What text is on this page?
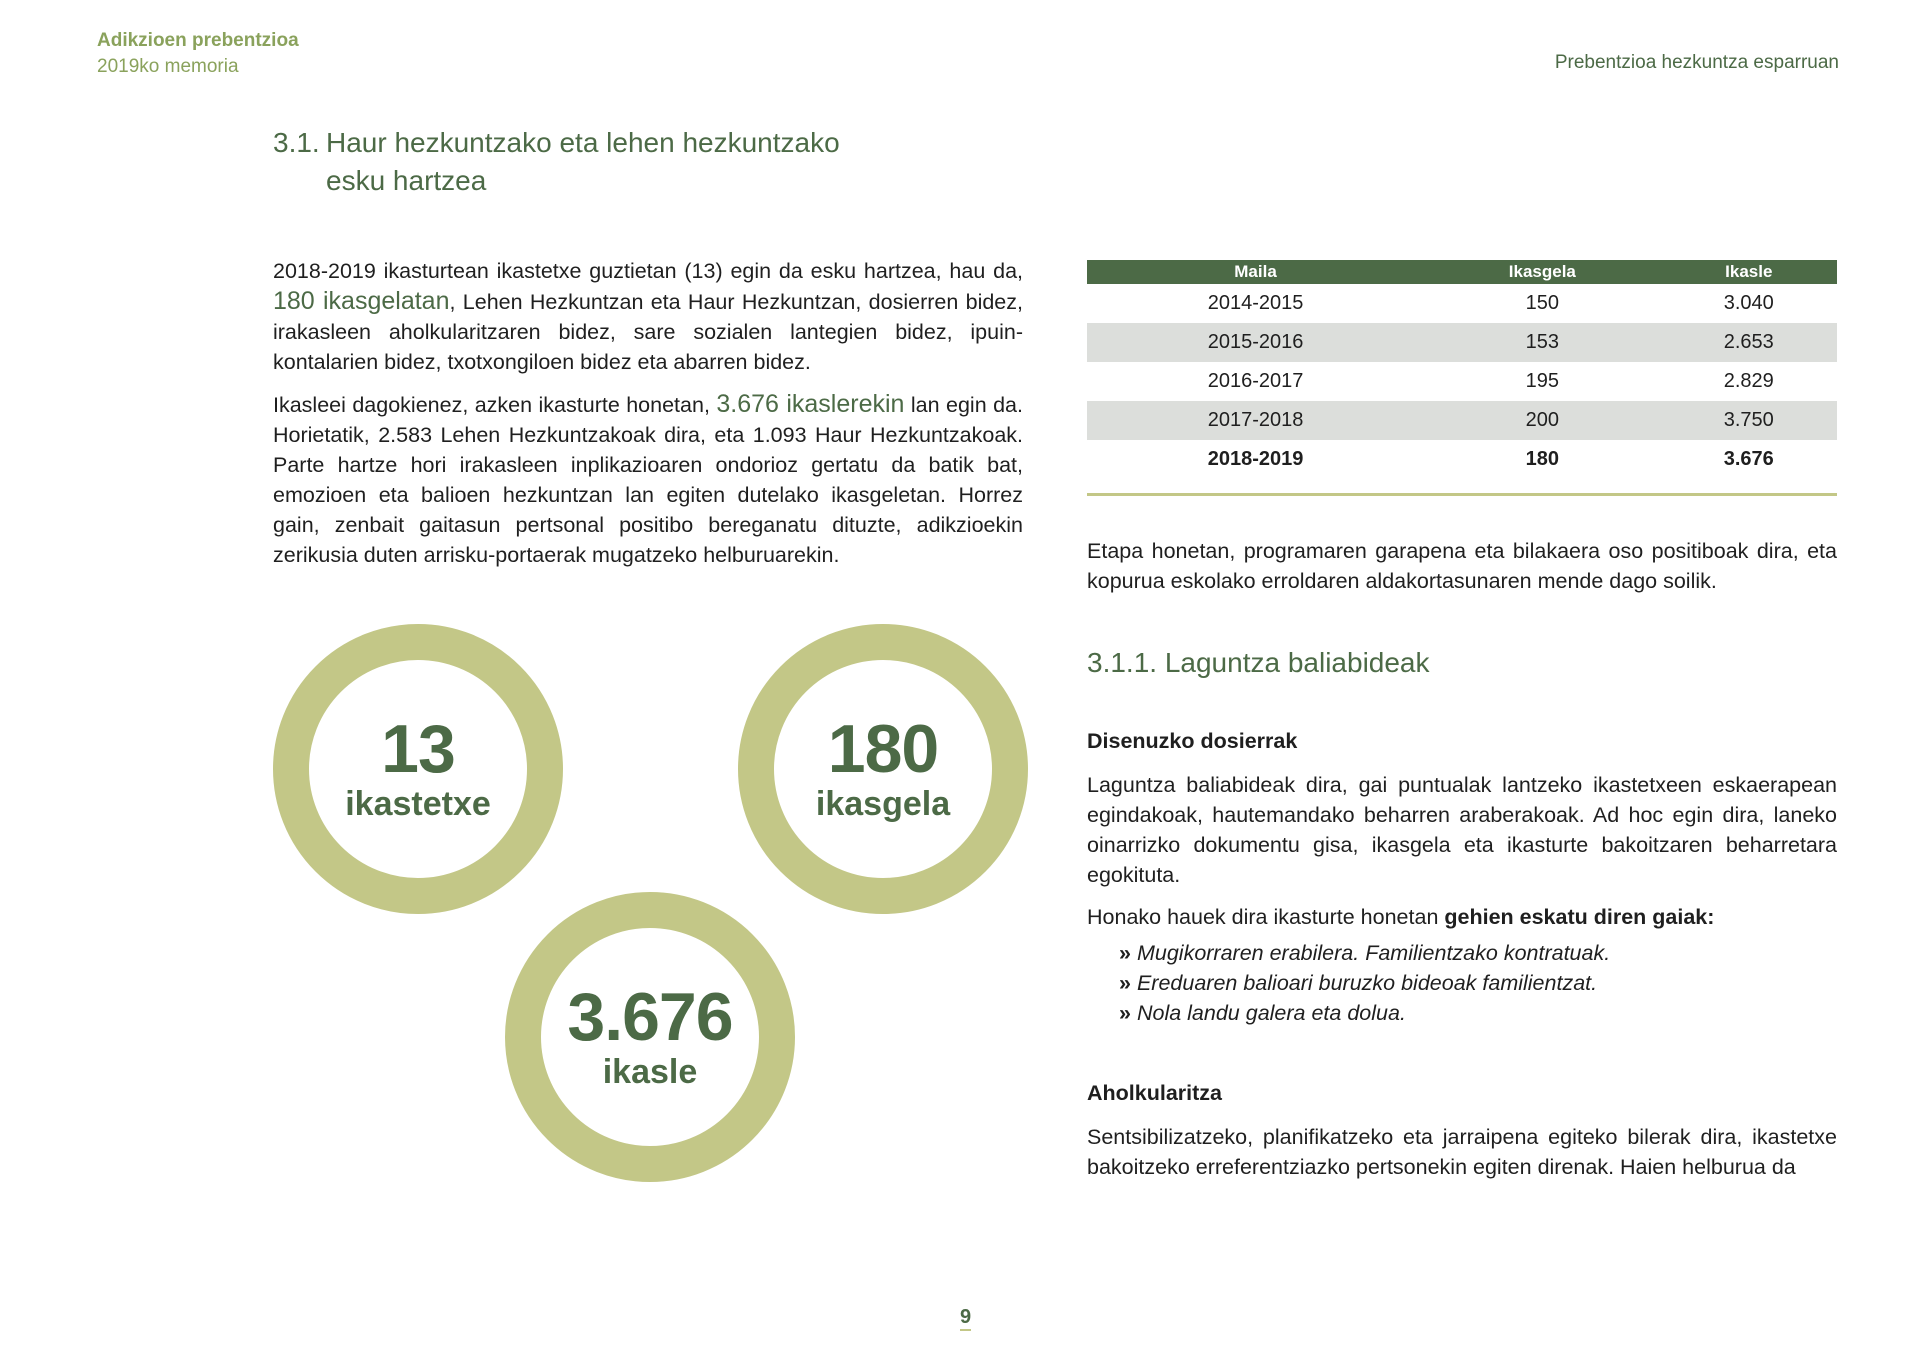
Adikzioen prebentzioa
2019ko memoria	Prebentzioa hezkuntza esparruan
3.1. Haur hezkuntzako eta lehen hezkuntzako
esku hartzea

2018-2019 ikasturtean ikastetxe guztietan (13) egin da esku hartzea, hau da, 180 ikasgelatan, Lehen Hezkuntzan eta Haur Hezkuntzan, dosierren bidez, irakasleen aholkularitzaren bidez, sare sozialen lantegien bidez, ipuin-kontalarien bidez, txotxongiloen bidez eta abarren bidez.

Ikasleei dagokienez, azken ikasturte honetan, 3.676 ikaslerekin lan egin da. Horietatik, 2.583 Lehen Hezkuntzakoak dira, eta 1.093 Haur Hezkuntzakoak. Parte hartze hori irakasleen inplikazioaren ondorioz gertatu da batik bat, emozioen eta balioen hezkuntzan lan egiten dutelako ikasgeletan. Horrez gain, zenbait gaitasun pertsonal positibo bereganatu dituzte, adikzioekin zerikusia duten arrisku-portaerak mugatzeko helburuarekin.

13
ikastetxe
180
ikasgela
3.676
ikasle
Maila	Ikasgela	Ikasle
2014-2015	150	3.040
2015-2016	153	2.653
2016-2017	195	2.829
2017-2018	200	3.750
2018-2019	180	3.676
Etapa honetan, programaren garapena eta bilakaera oso positiboak dira, eta kopurua eskolako erroldaren aldakortasunaren mende dago soilik.
3.1.1. Laguntza baliabideak
Disenuzko dosierrak

Laguntza baliabideak dira, gai puntualak lantzeko ikastetxeen eskaerapean egindakoak, hautemandako beharren araberakoak. Ad hoc egin dira, laneko oinarrizko dokumentu gisa, ikasgela eta ikasturte bakoitzaren beharretara egokituta.

Honako hauek dira ikasturte honetan gehien eskatu diren gaiak:

» Mugikorraren erabilera. Familientzako kontratuak.
» Ereduaren balioari buruzko bideoak familientzat.
» Nola landu galera eta dolua.
Aholkularitza

Sentsibilizatzeko, planifikatzeko eta jarraipena egiteko bilerak dira, ikastetxe bakoitzeko erreferentziazko pertsonekin egiten direnak. Haien helburua da

9
